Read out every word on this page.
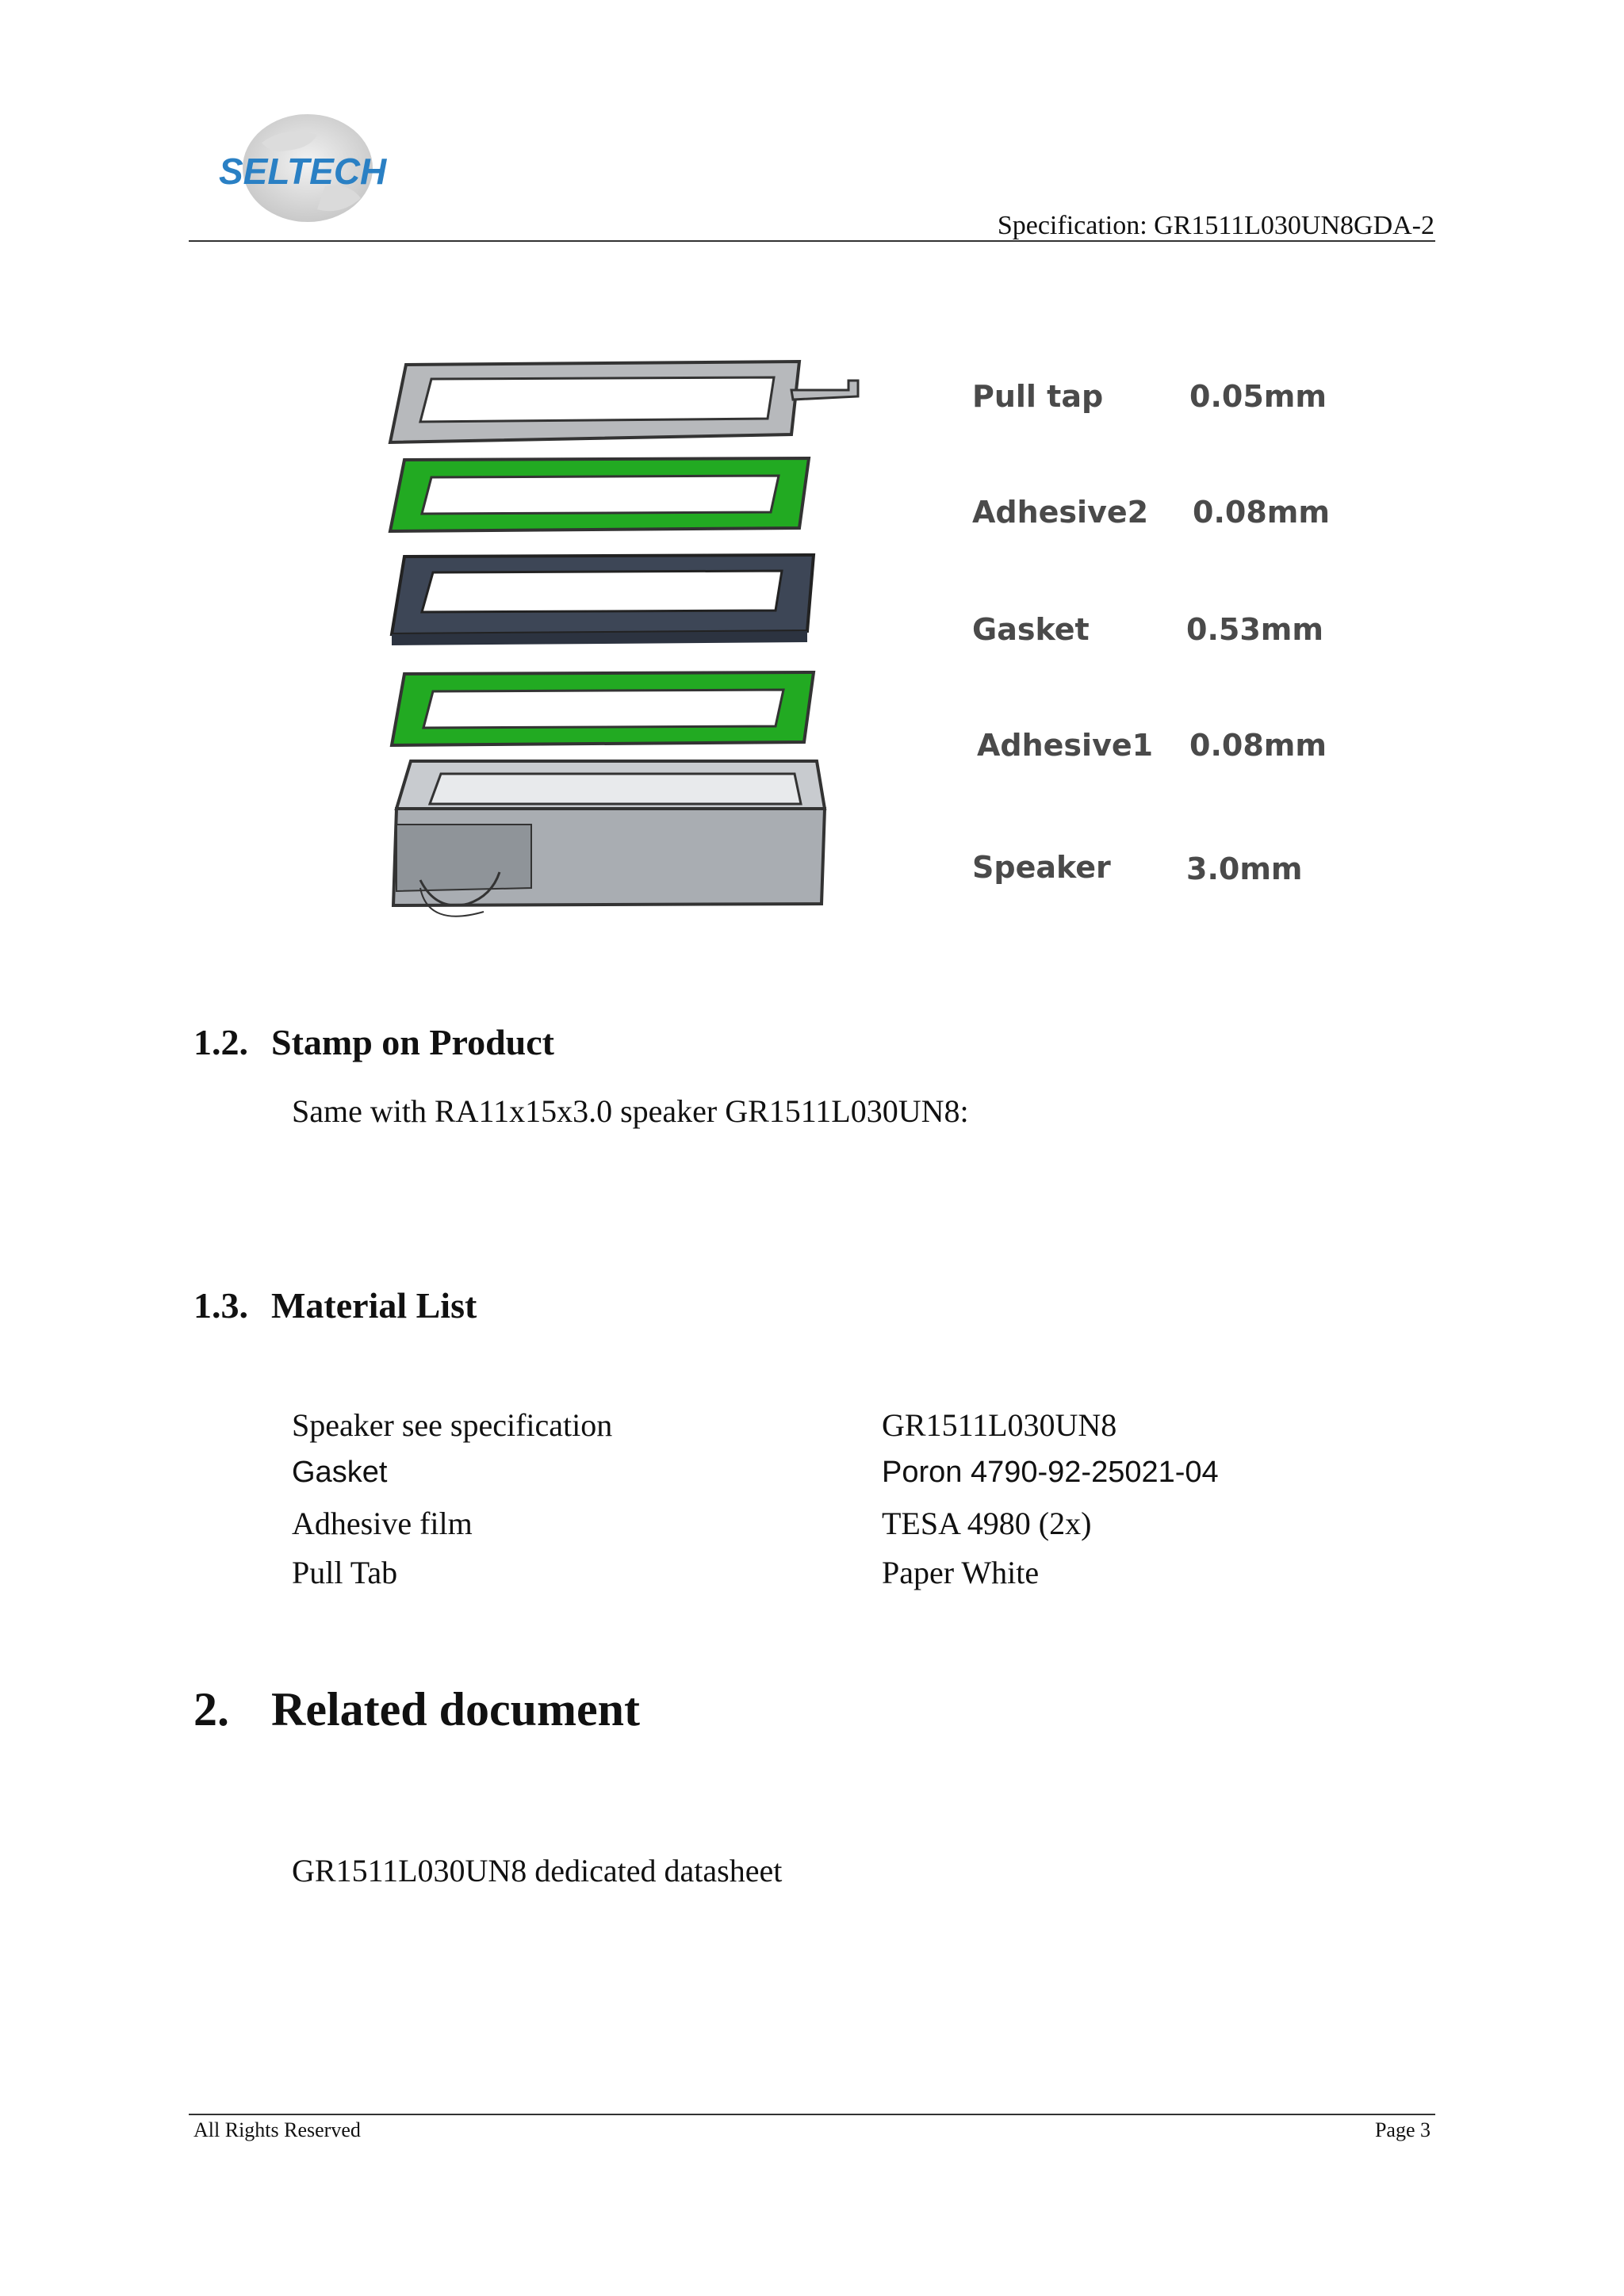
SELTECH
Specification: GR1511L030UN8GDA-2
Pull tap	0.05mm
Adhesive2 0.08mm
Gasket	0.53mm
Adhesive1 0.08mm
Speaker	3.0mm
1.2. Stamp on Product
Same with RA11x15x3.0 speaker GR1511L030UN8:
1.3. Material List
Speaker see specification	GR1511L030UN8
Gasket	Poron 4790-92-25021-04
Adhesive film	TESA 4980 (2x)
Pull Tab	Paper White
2. Related document
GR1511L030UN8 dedicated datasheet
All Rights Reserved	Page 3
